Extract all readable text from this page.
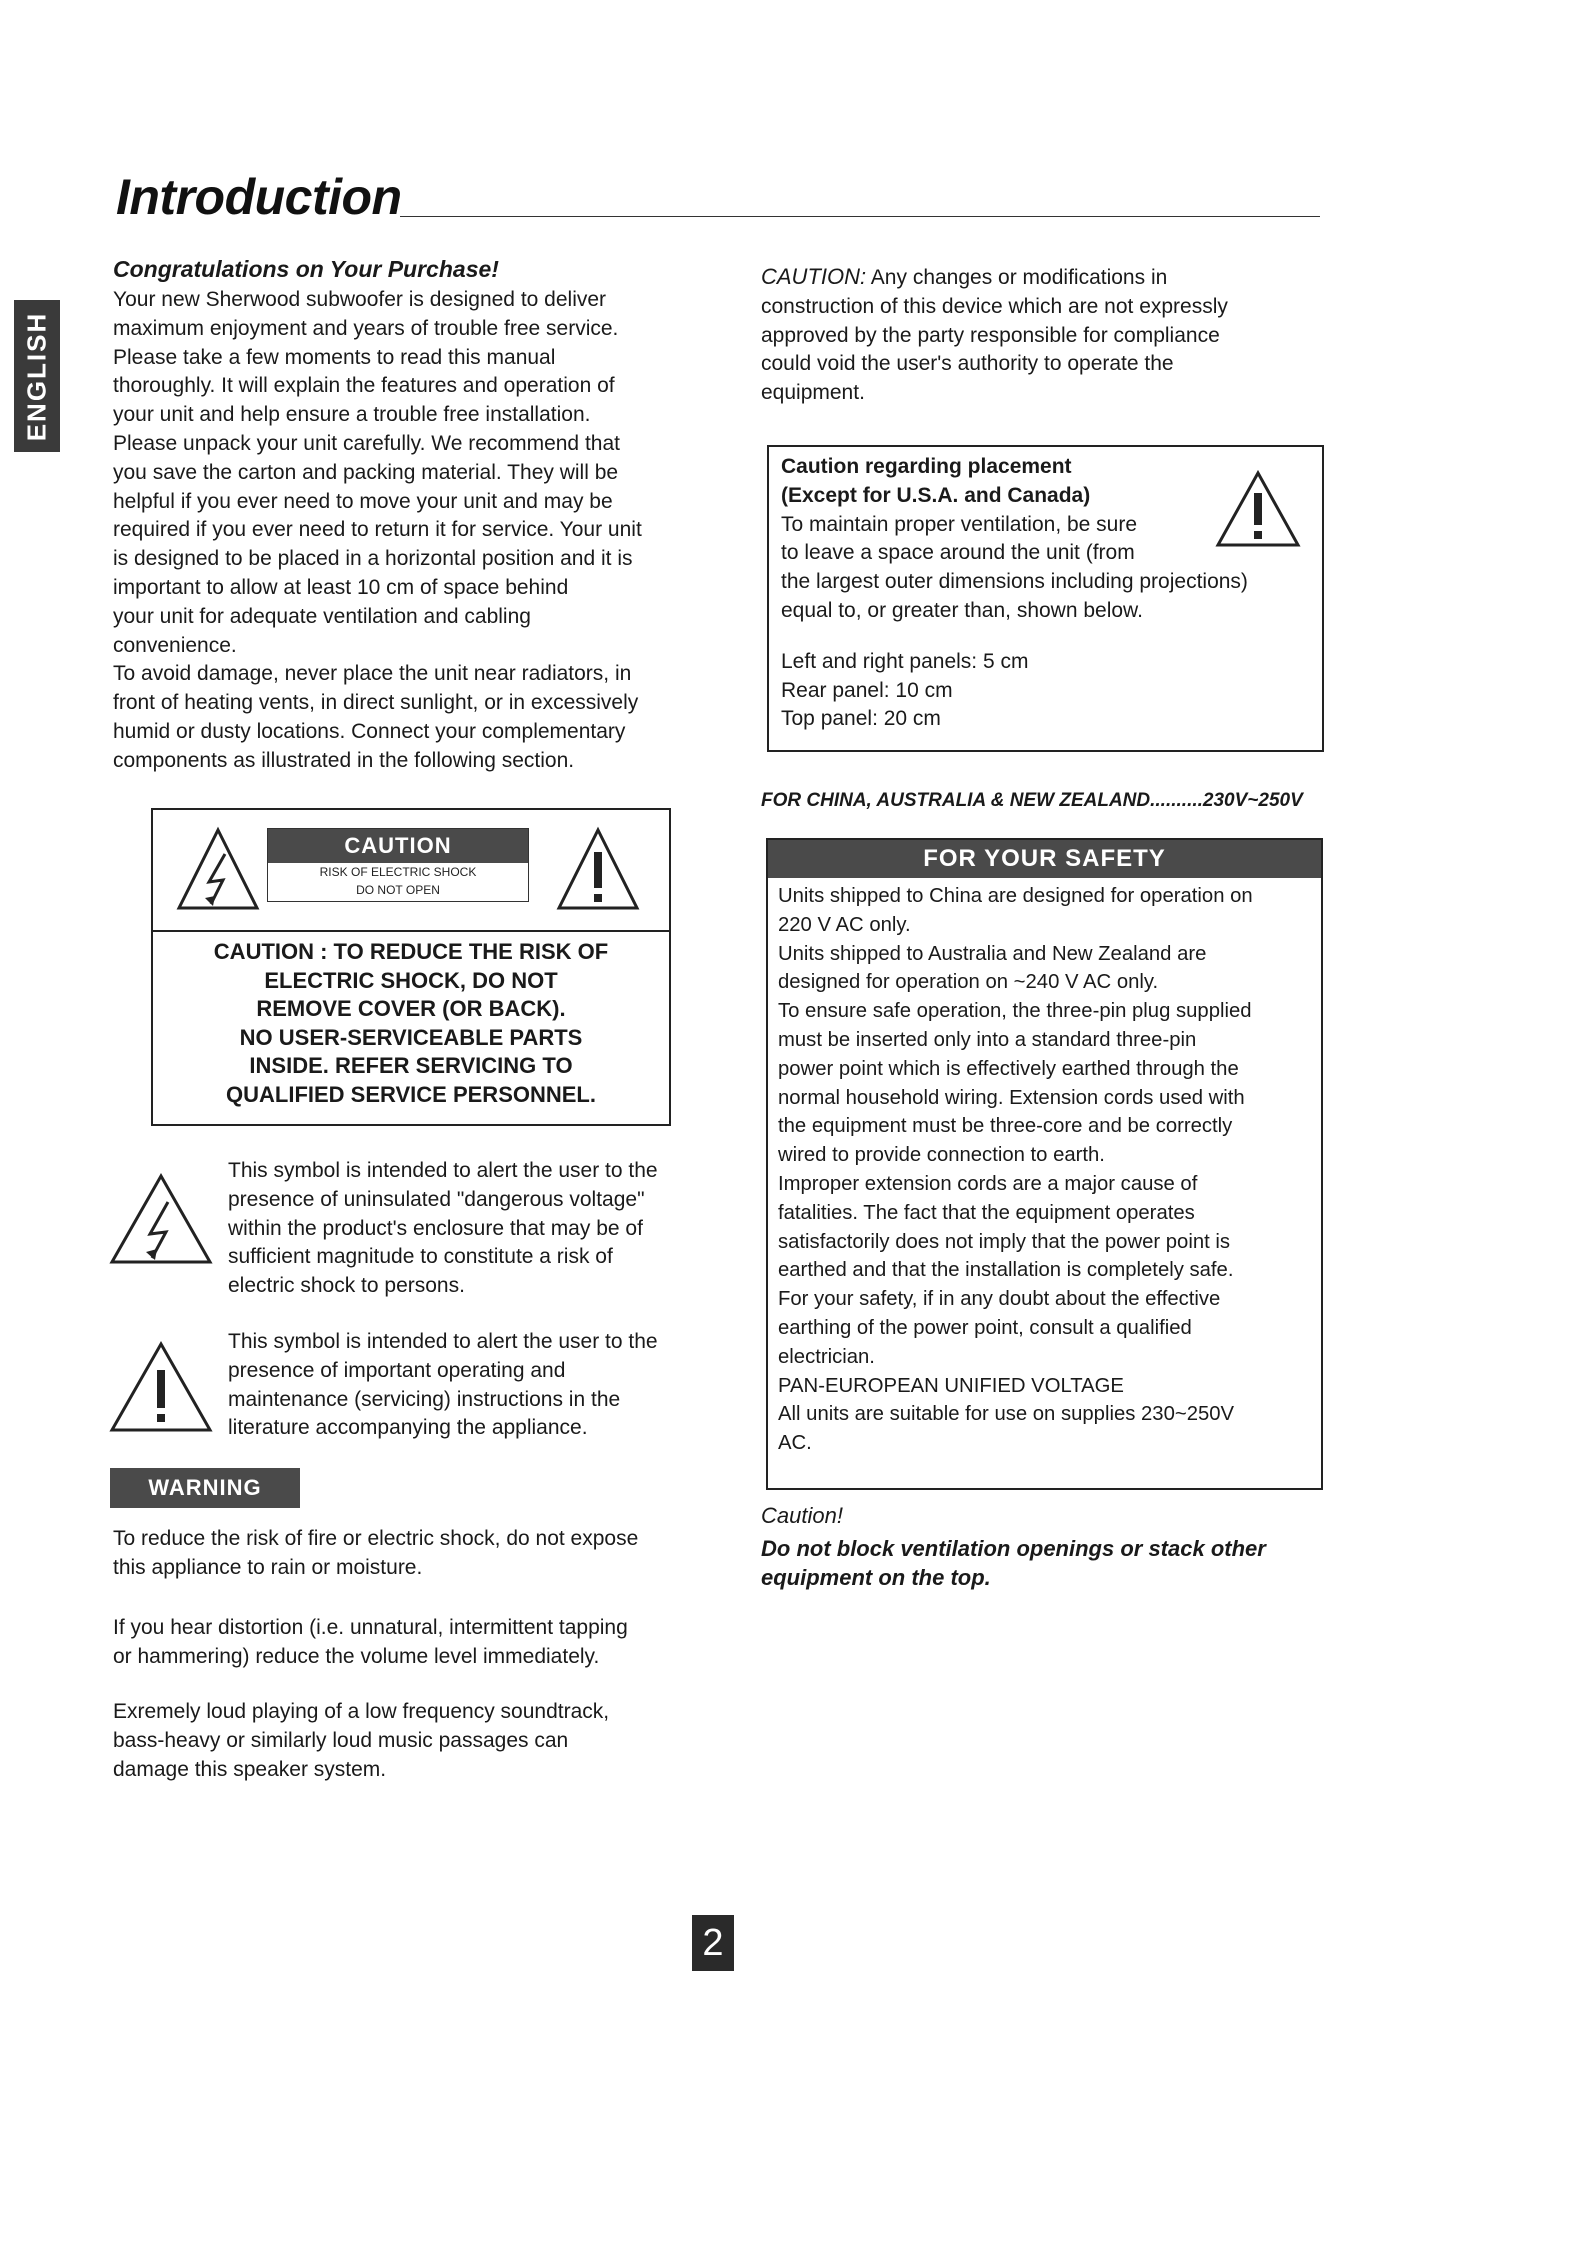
Introduction
ENGLISH
Congratulations on Your Purchase!
Your new Sherwood subwoofer is designed to deliver
maximum enjoyment and years of trouble free service.
Please take a few moments to read this manual
thoroughly. It will explain the features and operation of
your unit and help ensure a trouble free installation.
Please unpack your unit carefully. We recommend that
you save the carton and packing material. They will be
helpful if you ever need to move your unit and may be
required if you ever need to return it for service. Your unit
is designed to be placed in a horizontal position and it is
important to allow at least 10 cm of space behind
your unit for adequate ventilation and cabling
convenience.
To avoid damage, never place the unit near radiators, in
front of heating vents, in direct sunlight, or in excessively
humid or dusty locations. Connect your complementary
components as illustrated in the following section.
CAUTION
RISK OF ELECTRIC SHOCK
DO NOT OPEN
CAUTION : TO REDUCE THE RISK OF
ELECTRIC SHOCK, DO NOT
REMOVE COVER (OR BACK).
NO USER-SERVICEABLE PARTS
INSIDE. REFER SERVICING TO
QUALIFIED SERVICE PERSONNEL.
This symbol is intended to alert the user to the
presence of uninsulated "dangerous voltage"
within the product's enclosure that may be of
sufficient magnitude to constitute a risk of
electric shock to persons.
This symbol is intended to alert the user to the
presence of important operating and
maintenance (servicing) instructions in the
literature accompanying the appliance.
WARNING
To reduce the risk of fire or electric shock, do not expose
this appliance to rain or moisture.
If you hear distortion (i.e. unnatural, intermittent tapping
or hammering) reduce the volume level immediately.
Exremely loud playing of a low frequency soundtrack,
bass-heavy or similarly loud music passages can
damage this speaker system.
CAUTION: Any changes or modifications in
construction of this device which are not expressly
approved by the party responsible for compliance
could void the user's authority to operate the
equipment.
Caution regarding placement
(Except for U.S.A. and Canada)
To maintain proper ventilation, be sure
to leave a space around the unit (from
the largest outer dimensions including projections)
equal to, or greater than, shown below.
Left and right panels: 5 cm
Rear panel: 10 cm
Top panel: 20 cm
FOR CHINA, AUSTRALIA & NEW ZEALAND..........230V~250V
FOR YOUR SAFETY
Units shipped to China are designed for operation on
220 V AC only.
Units shipped to Australia and New Zealand are
designed for operation on ~240 V AC only.
To ensure safe operation, the three-pin plug supplied
must be inserted only into a standard three-pin
power point which is effectively earthed through the
normal household wiring. Extension cords used with
the equipment must be three-core and be correctly
wired to provide connection to earth.
Improper extension cords are a major cause of
fatalities. The fact that the equipment operates
satisfactorily does not imply that the power point is
earthed and that the installation is completely safe.
For your safety, if in any doubt about the effective
earthing of the power point, consult a qualified
electrician.
PAN-EUROPEAN UNIFIED VOLTAGE
All units are suitable for use on supplies 230~250V
AC.
Caution!
Do not block ventilation openings or stack other
equipment on the top.
2
